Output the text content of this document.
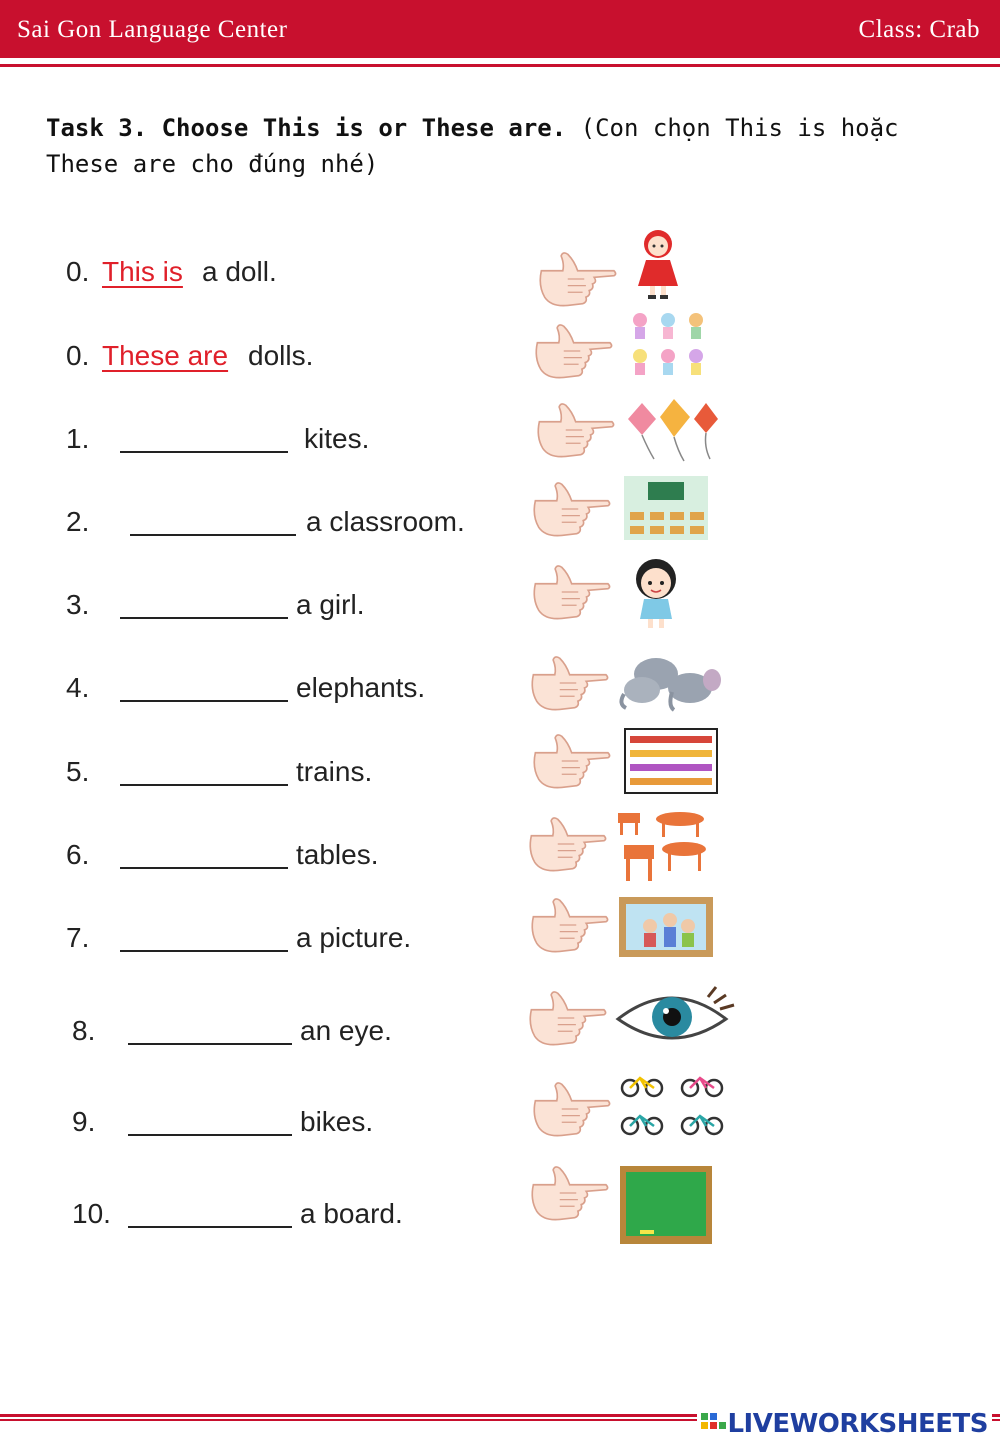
Sai Gon Language Center	Class: Crab
Task 3. Choose This is or These are. (Con chọn This is hoặc
These are cho đúng nhé)
0. This is a doll.
0. These are dolls.
1.	kites.
2.	a classroom.
3.	a girl.
4.	elephants.
5.	trains.
6.	tables.
7.	a picture.
8.	an eye.
9.	bikes.
10.	a board.
LIVEWORKSHEETS
